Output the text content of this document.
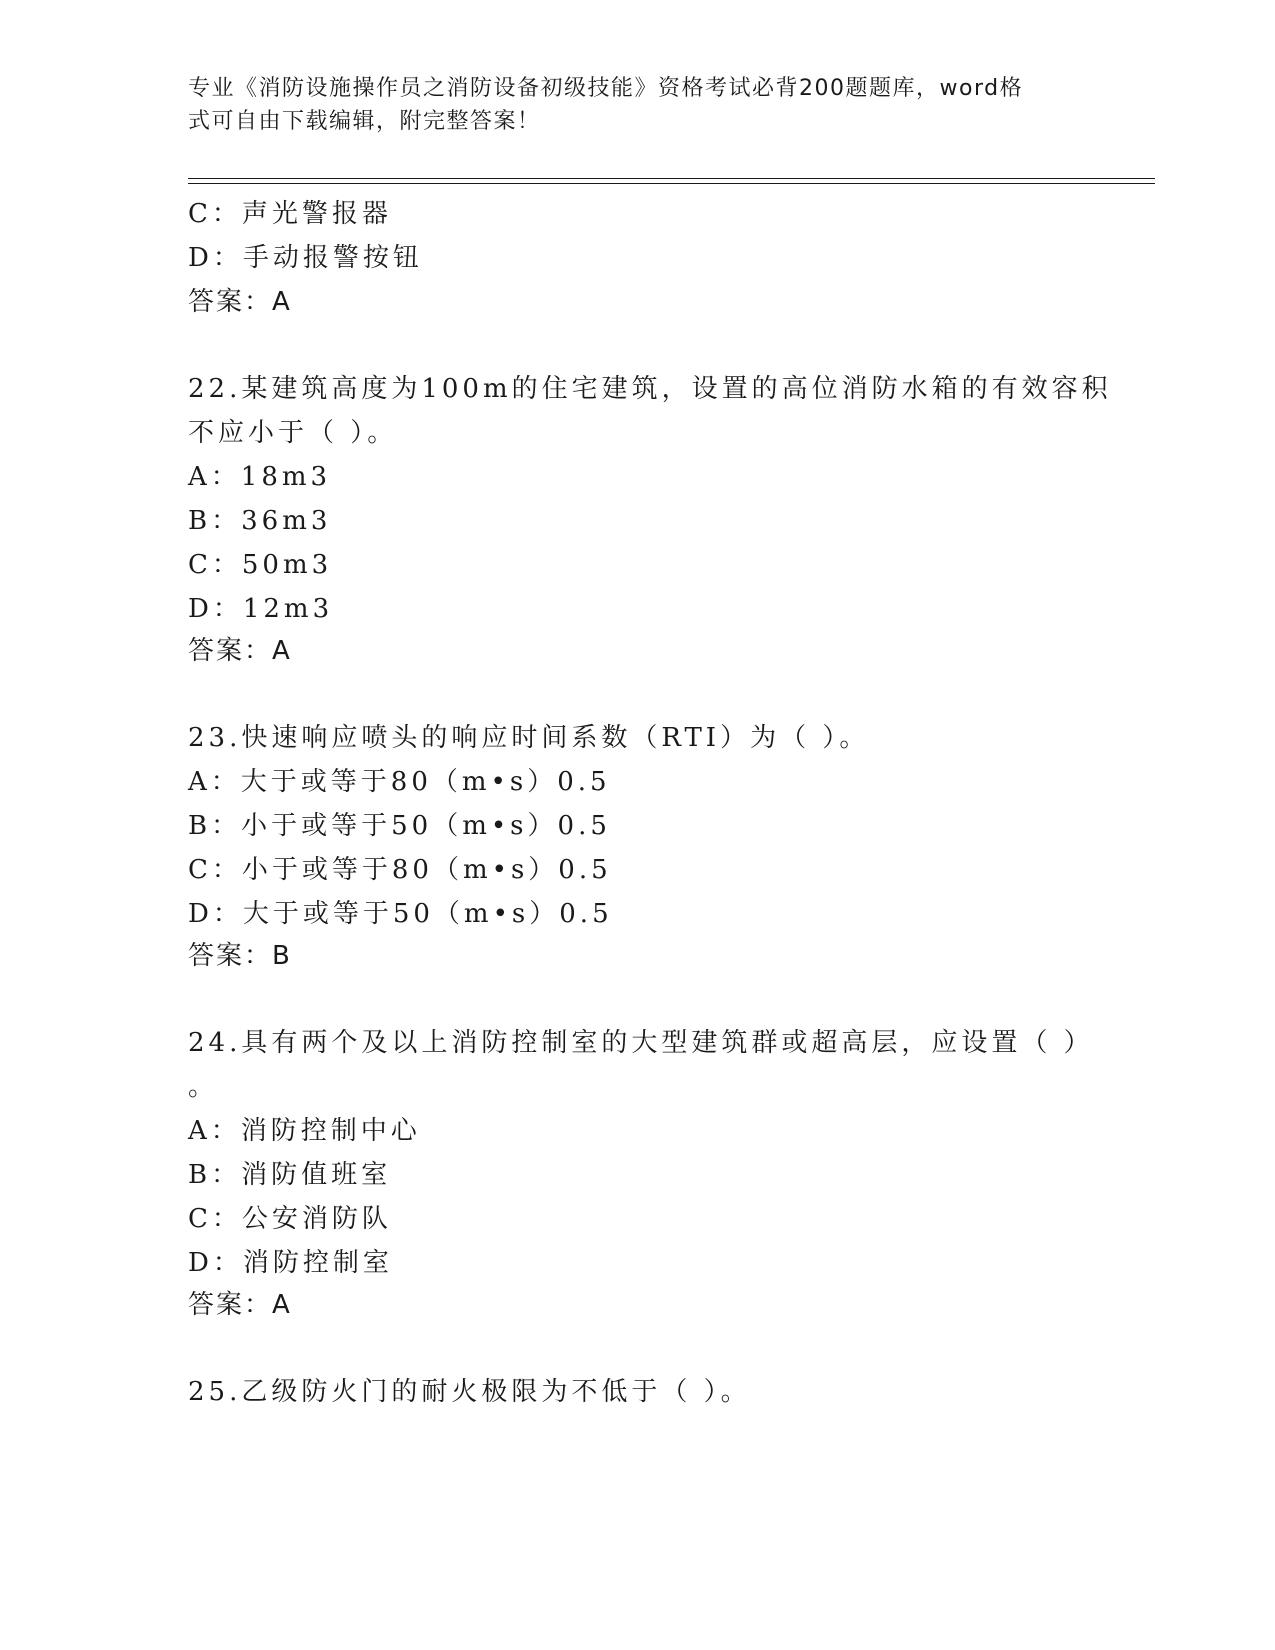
专业《消防设施操作员之消防设备初级技能》资格考试必背200题题库，word格
式可自由下载编辑，附完整答案！
C：声光警报器
D：手动报警按钮
答案：A
22.某建筑高度为100m的住宅建筑，设置的高位消防水箱的有效容积
不应小于（ ）。
A：18m3
B：36m3
C：50m3
D：12m3
答案：A
23.快速响应喷头的响应时间系数（RTI）为（ ）。
A：大于或等于80（m•s）0.5
B：小于或等于50（m•s）0.5
C：小于或等于80（m•s）0.5
D：大于或等于50（m•s）0.5
答案：B
24.具有两个及以上消防控制室的大型建筑群或超高层，应设置（ ）
。
A：消防控制中心
B：消防值班室
C：公安消防队
D：消防控制室
答案：A
25.乙级防火门的耐火极限为不低于（ ）。
